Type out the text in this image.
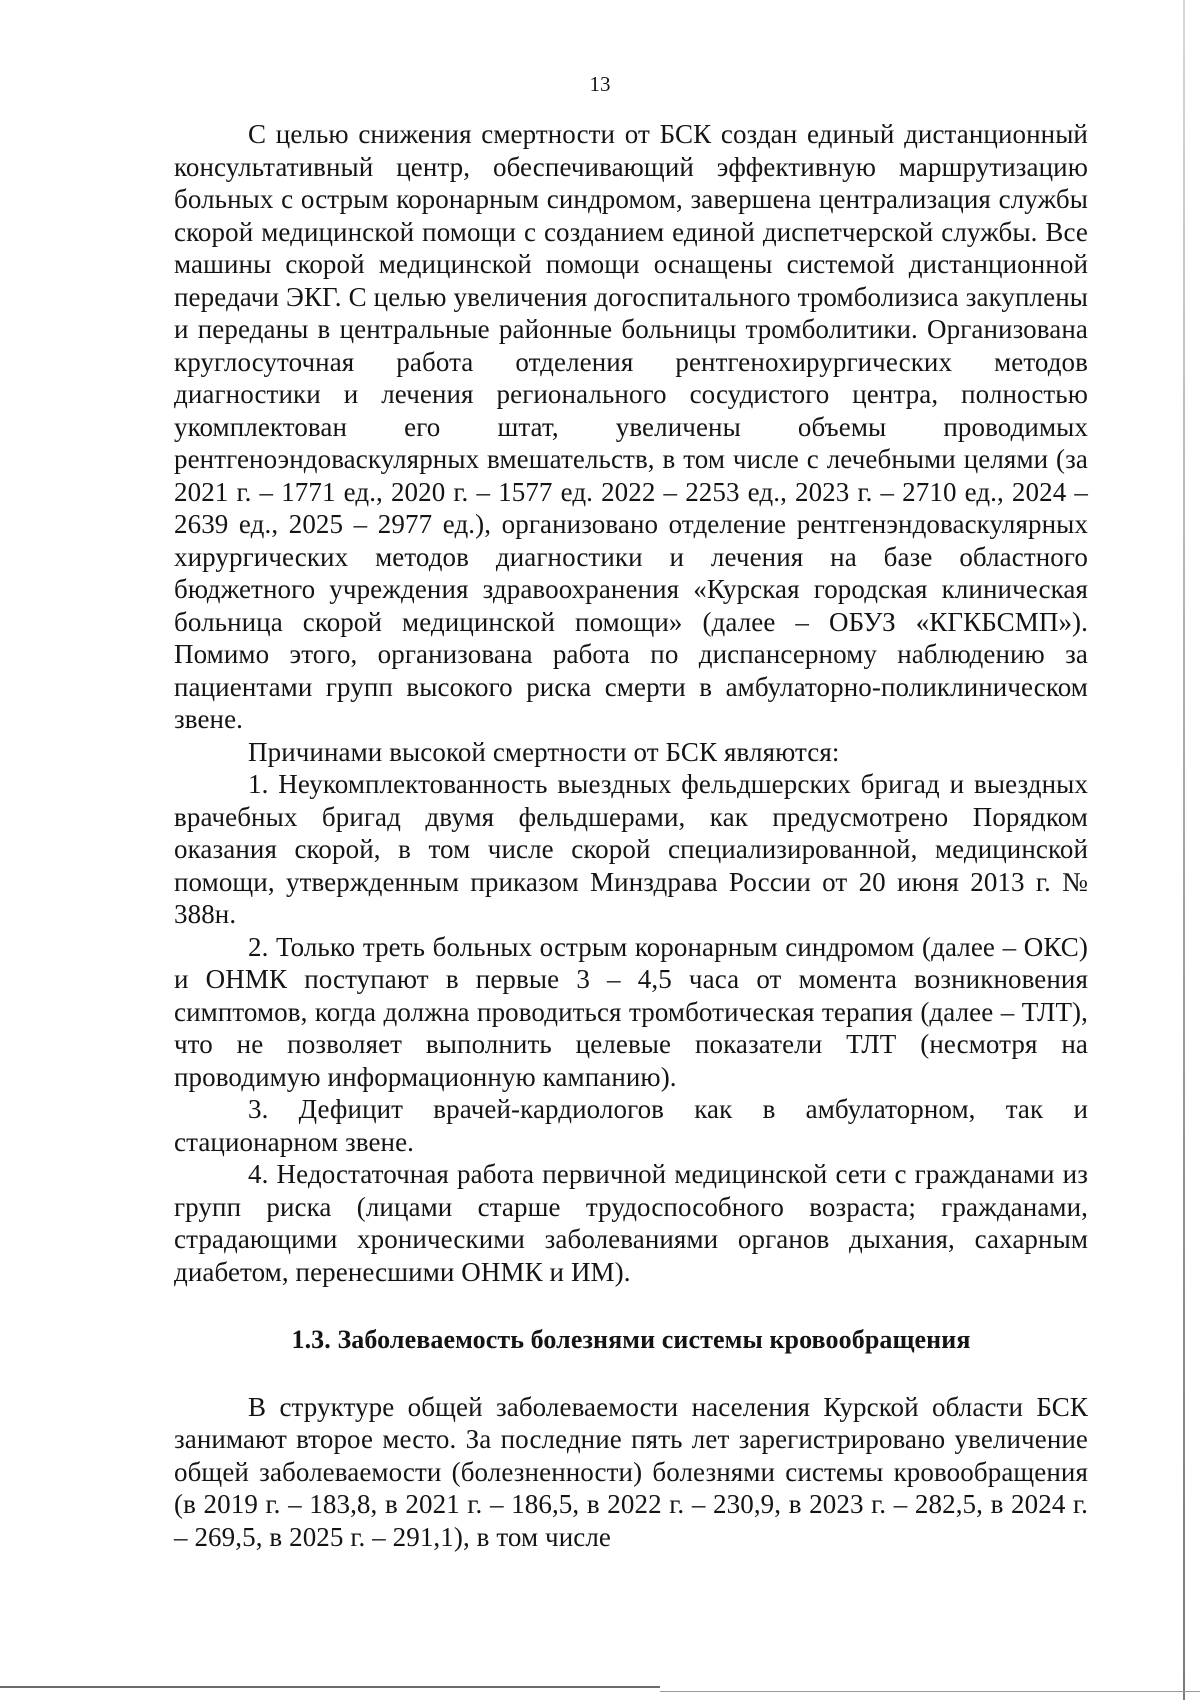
13

С целью снижения смертности от БСК создан единый дистанционный консультативный центр, обеспечивающий эффективную маршрутизацию больных с острым коронарным синдромом, завершена централизация службы скорой медицинской помощи с созданием единой диспетчерской службы. Все машины скорой медицинской помощи оснащены системой дистанционной передачи ЭКГ. С целью увеличения догоспитального тромболизиса закуплены и переданы в центральные районные больницы тромболитики. Организована круглосуточная работа отделения рентгенохирургических методов диагностики и лечения регионального сосудистого центра, полностью укомплектован его штат, увеличены объемы проводимых рентгеноэндоваскулярных вмешательств, в том числе с лечебными целями (за 2021 г. – 1771 ед., 2020 г. – 1577 ед. 2022 – 2253 ед., 2023 г. – 2710 ед., 2024 – 2639 ед., 2025 – 2977 ед.), организовано отделение рентгенэндоваскулярных хирургических методов диагностики и лечения на базе областного бюджетного учреждения здравоохранения «Курская городская клиническая больница скорой медицинской помощи» (далее – ОБУЗ «КГКБСМП»). Помимо этого, организована работа по диспансерному наблюдению за пациентами групп высокого риска смерти в амбулаторно-поликлиническом звене.

Причинами высокой смертности от БСК являются:

1. Неукомплектованность выездных фельдшерских бригад и выездных врачебных бригад двумя фельдшерами, как предусмотрено Порядком оказания скорой, в том числе скорой специализированной, медицинской помощи, утвержденным приказом Минздрава России от 20 июня 2013 г. № 388н.

2. Только треть больных острым коронарным синдромом (далее – ОКС) и ОНМК поступают в первые 3 – 4,5 часа от момента возникновения симптомов, когда должна проводиться тромботическая терапия (далее – ТЛТ), что не позволяет выполнить целевые показатели ТЛТ (несмотря на проводимую информационную кампанию).

3. Дефицит врачей-кардиологов как в амбулаторном, так и стационарном звене.

4. Недостаточная работа первичной медицинской сети с гражданами из групп риска (лицами старше трудоспособного возраста; гражданами, страдающими хроническими заболеваниями органов дыхания, сахарным диабетом, перенесшими ОНМК и ИМ).

1.3. Заболеваемость болезнями системы кровообращения

В структуре общей заболеваемости населения Курской области БСК занимают второе место. За последние пять лет зарегистрировано увеличение общей заболеваемости (болезненности) болезнями системы кровообращения (в 2019 г. – 183,8, в 2021 г. – 186,5, в 2022 г. – 230,9, в 2023 г. – 282,5, в 2024 г. – 269,5, в 2025 г. – 291,1), в том числе
